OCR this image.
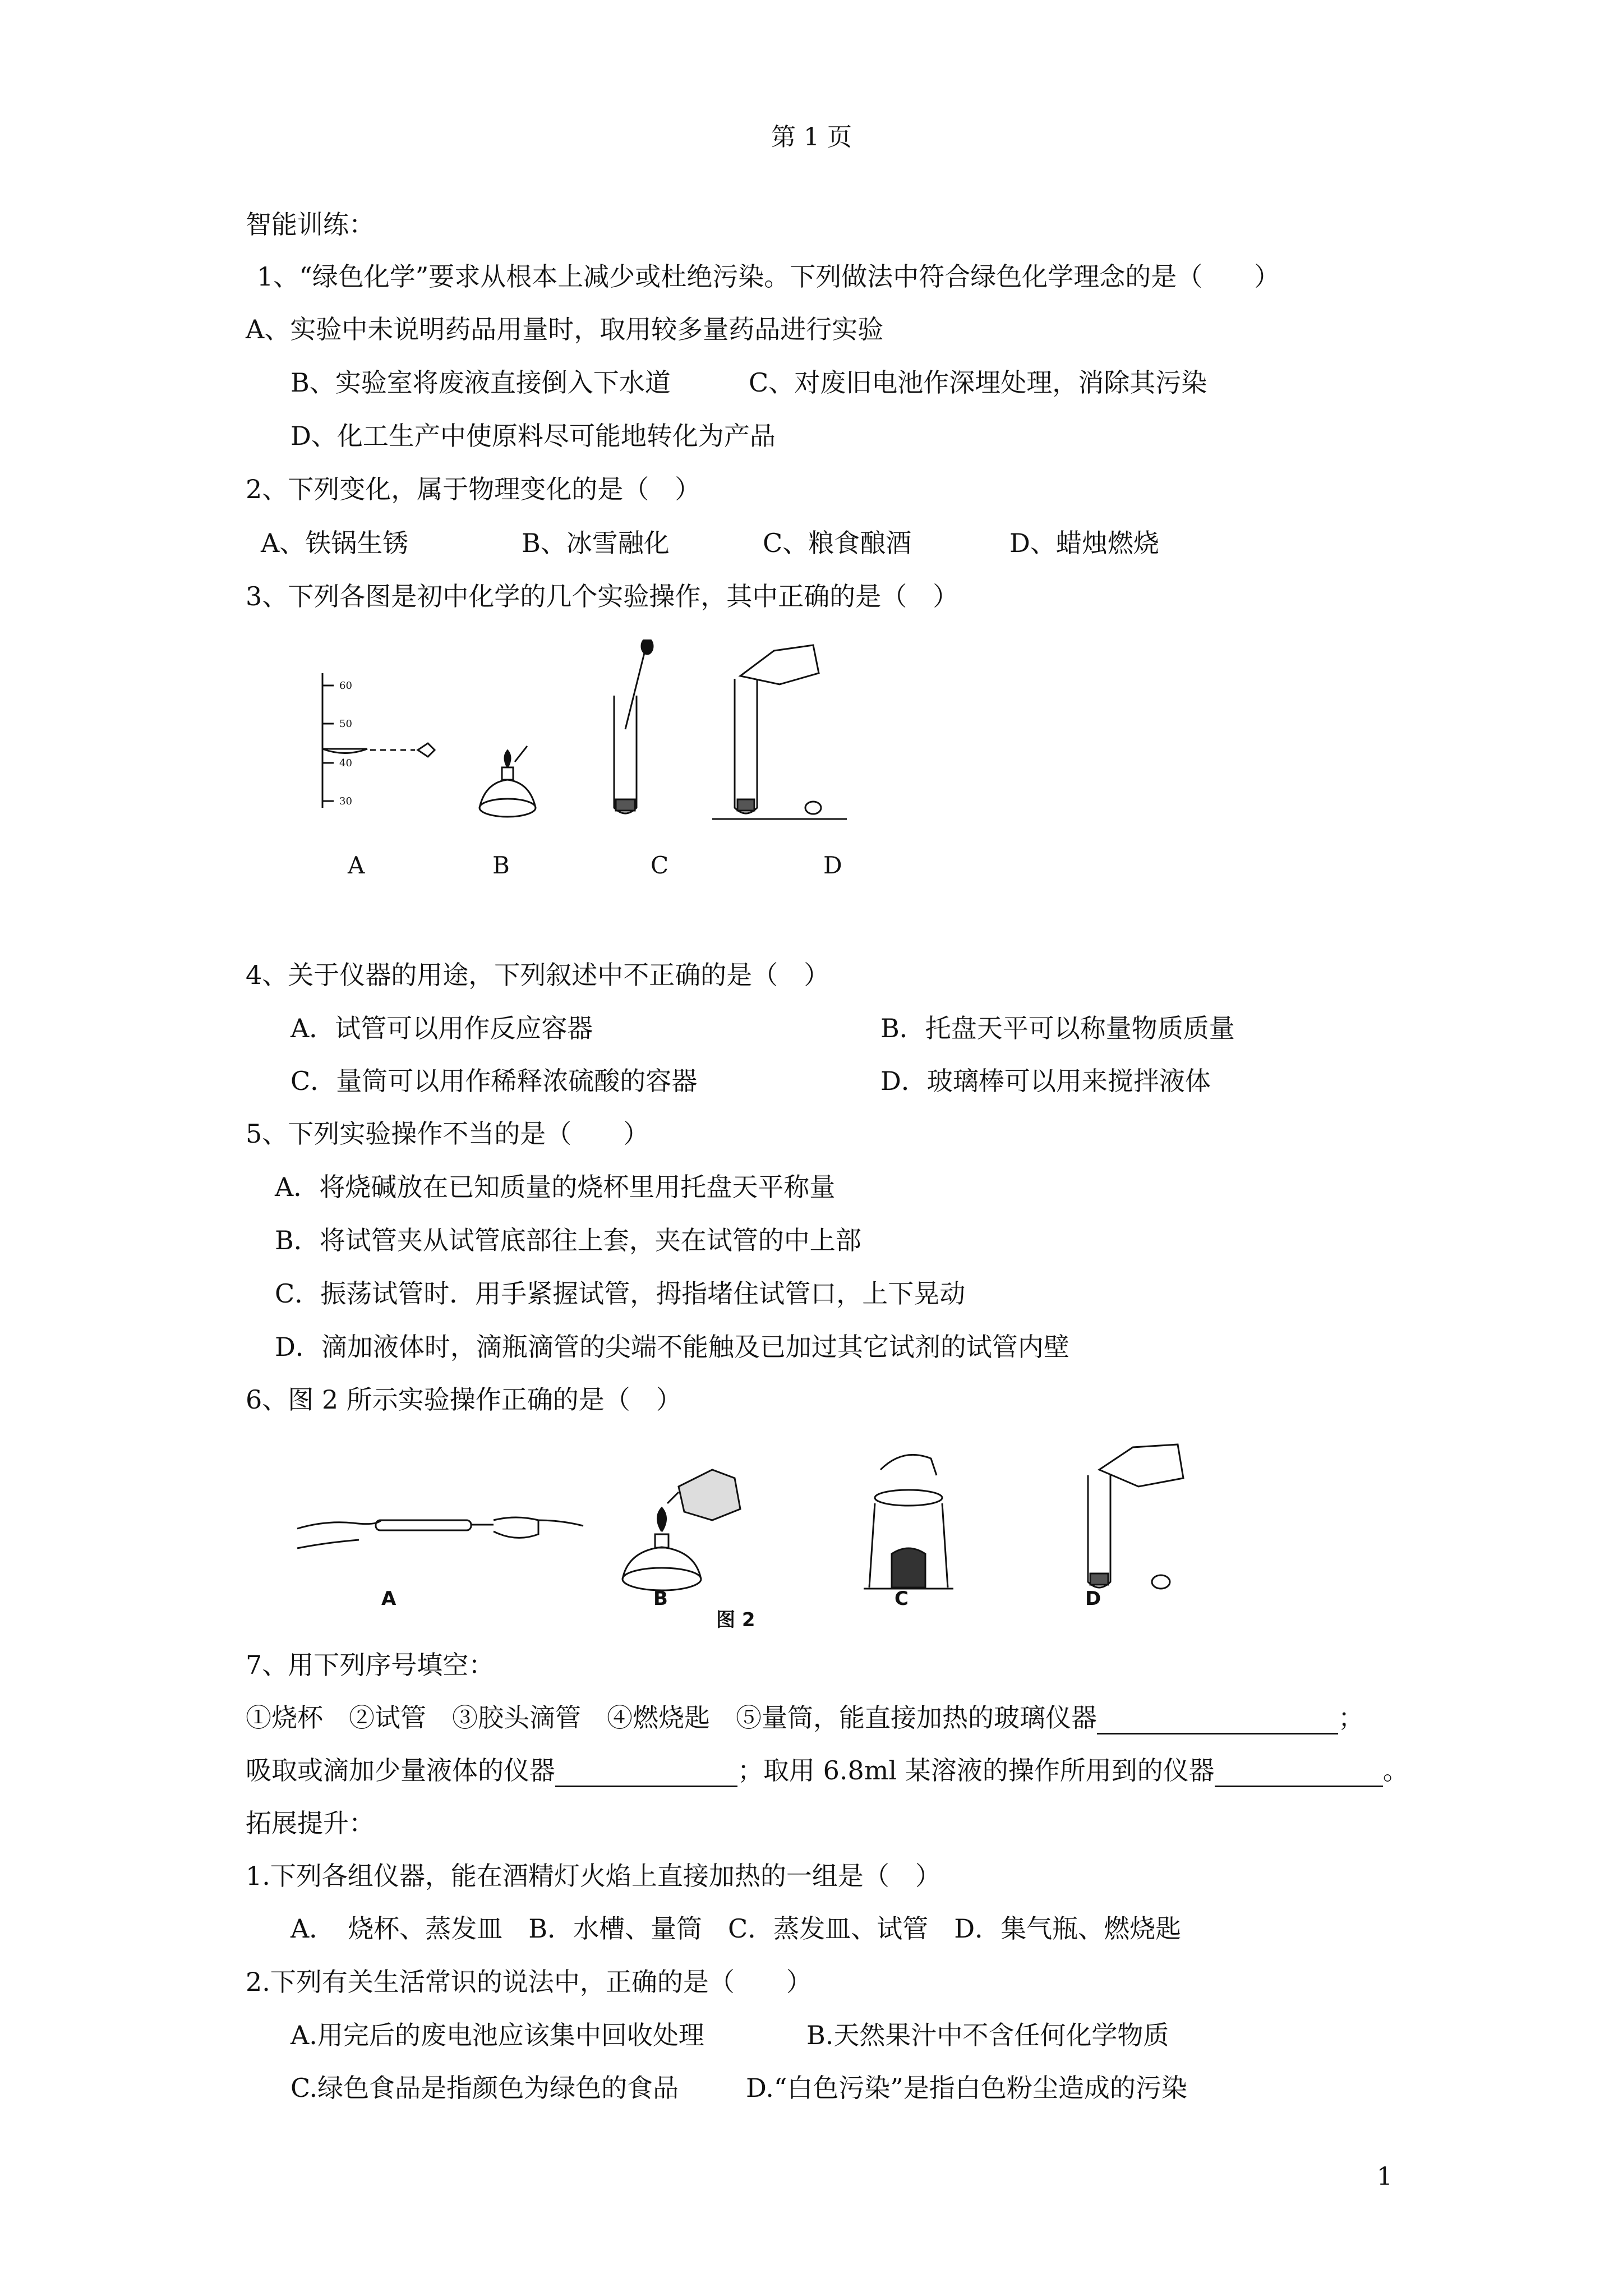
第 1 页
智能训练：
1、“绿色化学”要求从根本上减少或杜绝污染。下列做法中符合绿色化学理念的是（　　）
A、实验中未说明药品用量时，取用较多量药品进行实验
B、实验室将废液直接倒入下水道	C、对废旧电池作深埋处理，消除其污染
D、化工生产中使原料尽可能地转化为产品
2、下列变化，属于物理变化的是（　）
A、铁锅生锈	B、冰雪融化	C、粮食酿酒	D、蜡烛燃烧
3、下列各图是初中化学的几个实验操作，其中正确的是（　）
60
50
40
30
A	B	C	D
4、关于仪器的用途，下列叙述中不正确的是（　）
A．试管可以用作反应容器	B．托盘天平可以称量物质质量
C．量筒可以用作稀释浓硫酸的容器	D．玻璃棒可以用来搅拌液体
5、下列实验操作不当的是（　　）
A．将烧碱放在已知质量的烧杯里用托盘天平称量
B．将试管夹从试管底部往上套，夹在试管的中上部
C．振荡试管时．用手紧握试管，拇指堵住试管口，上下晃动
D．滴加液体时，滴瓶滴管的尖端不能触及已加过其它试剂的试管内壁
6、图 2 所示实验操作正确的是（　）
A	B
图 2
C	D
7、用下列序号填空：
①烧杯　②试管　③胶头滴管　④燃烧匙　⑤量筒，能直接加热的玻璃仪器	；
吸取或滴加少量液体的仪器	；取用 6.8ml 某溶液的操作所用到的仪器	。
拓展提升：
1.下列各组仪器，能在酒精灯火焰上直接加热的一组是（　）
A．　烧杯、蒸发皿　B．水槽、量筒　C．蒸发皿、试管　D．集气瓶、燃烧匙
2.下列有关生活常识的说法中，正确的是（　　）
A.用完后的废电池应该集中回收处理	B.天然果汁中不含任何化学物质
C.绿色食品是指颜色为绿色的食品	D.“白色污染”是指白色粉尘造成的污染
1
